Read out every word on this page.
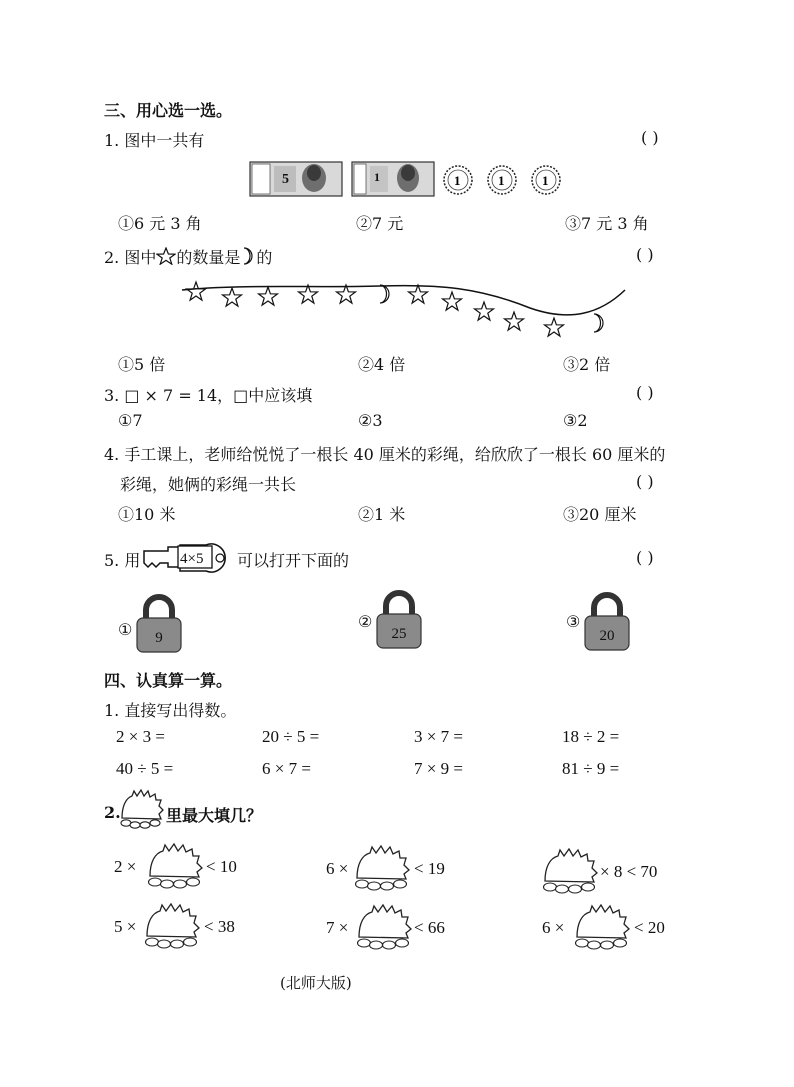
三、用心选一选。
1. 图中一共有	( )
5	1	1	1	1
①6 元 3 角	②7 元	③7 元 3 角
2. 图中 的数量是 的	( )
①5 倍	②4 倍	③2 倍
3. □ × 7 = 14，□中应该填	( )
①7	②3	③2
4. 手工课上，老师给悦悦了一根长 40 厘米的彩绳，给欣欣了一根长 60 厘米的
彩绳，她俩的彩绳一共长	( )
①10 米	②1 米	③20 厘米
5. 用	4×5 可以打开下面的	( )
① 9
②
25
③
20
四、认真算一算。
1. 直接写出得数。
2 × 3 =	20 ÷ 5 =	3 × 7 =	18 ÷ 2 =
40 ÷ 5 =	6 × 7 =	7 × 9 =	81 ÷ 9 =
2.	里最大填几？
2 ×	< 10	6 ×	< 19	× 8 < 70
5 ×	< 38	7 ×	< 66	6 ×	< 20
(北师大版)
